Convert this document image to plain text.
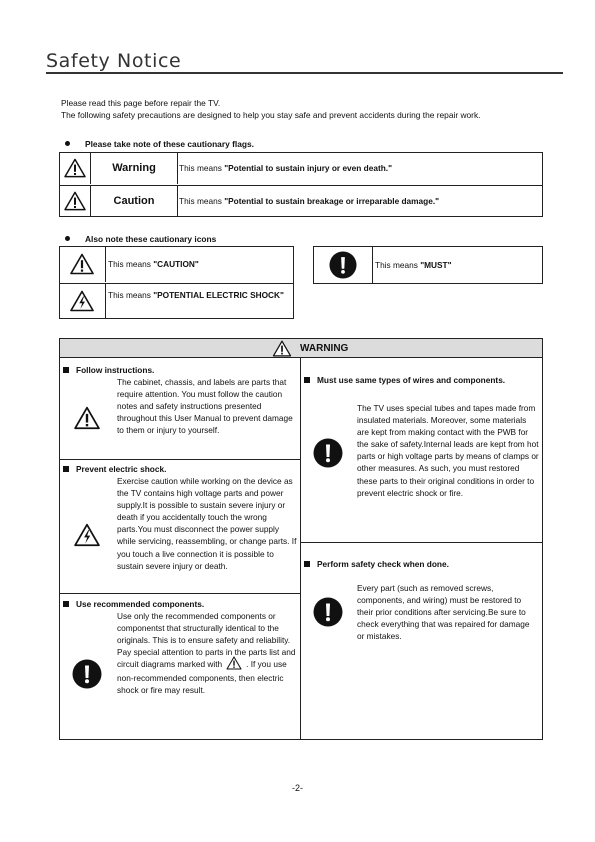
Safety Notice
Please read this page before repair the TV.
The following safety precautions are designed to help you stay safe and prevent accidents during the repair work.
Please take note of these cautionary flags.
Warning	This means "Potential to sustain injury or even death."
Caution	This means "Potential to sustain breakage or irreparable damage."
Also note these cautionary icons
This means "CAUTION"
This means "POTENTIAL ELECTRIC SHOCK"
This means "MUST"
WARNING
Follow instructions.
The cabinet, chassis, and labels are parts that require attention. You must follow the caution notes and safety instructions presented throughout this User Manual to prevent damage to them or injury to yourself.
Prevent electric shock.
Exercise caution while working on the device as the TV contains high voltage parts and power supply.It is possible to sustain severe injury or death if you accidentally touch the wrong parts.You must disconnect the power supply while servicing, reassembling, or change parts. If you touch a live connection it is possible to sustain severe injury or death.
Use recommended components.
Use only the recommended components or componentst that structurally identical to the originals. This is to ensure safety and reliability. Pay special attention to parts in the parts list and circuit diagrams marked with	. If you use non-recommended components, then electric shock or fire may result.
Must use same types of wires and components.
The TV uses special tubes and tapes made from insulated materials. Moreover, some materials are kept from making contact with the PWB for the sake of safety.Internal leads are kept from hot parts or high voltage parts by means of clamps or other measures. As such, you must restored these parts to their original conditions in order to prevent electric shock or fire.
Perform safety check when done.
Every part (such as removed screws, components, and wiring) must be restored to their prior conditions after servicing.Be sure to check everything that was repaired for damage or mistakes.
-2-
